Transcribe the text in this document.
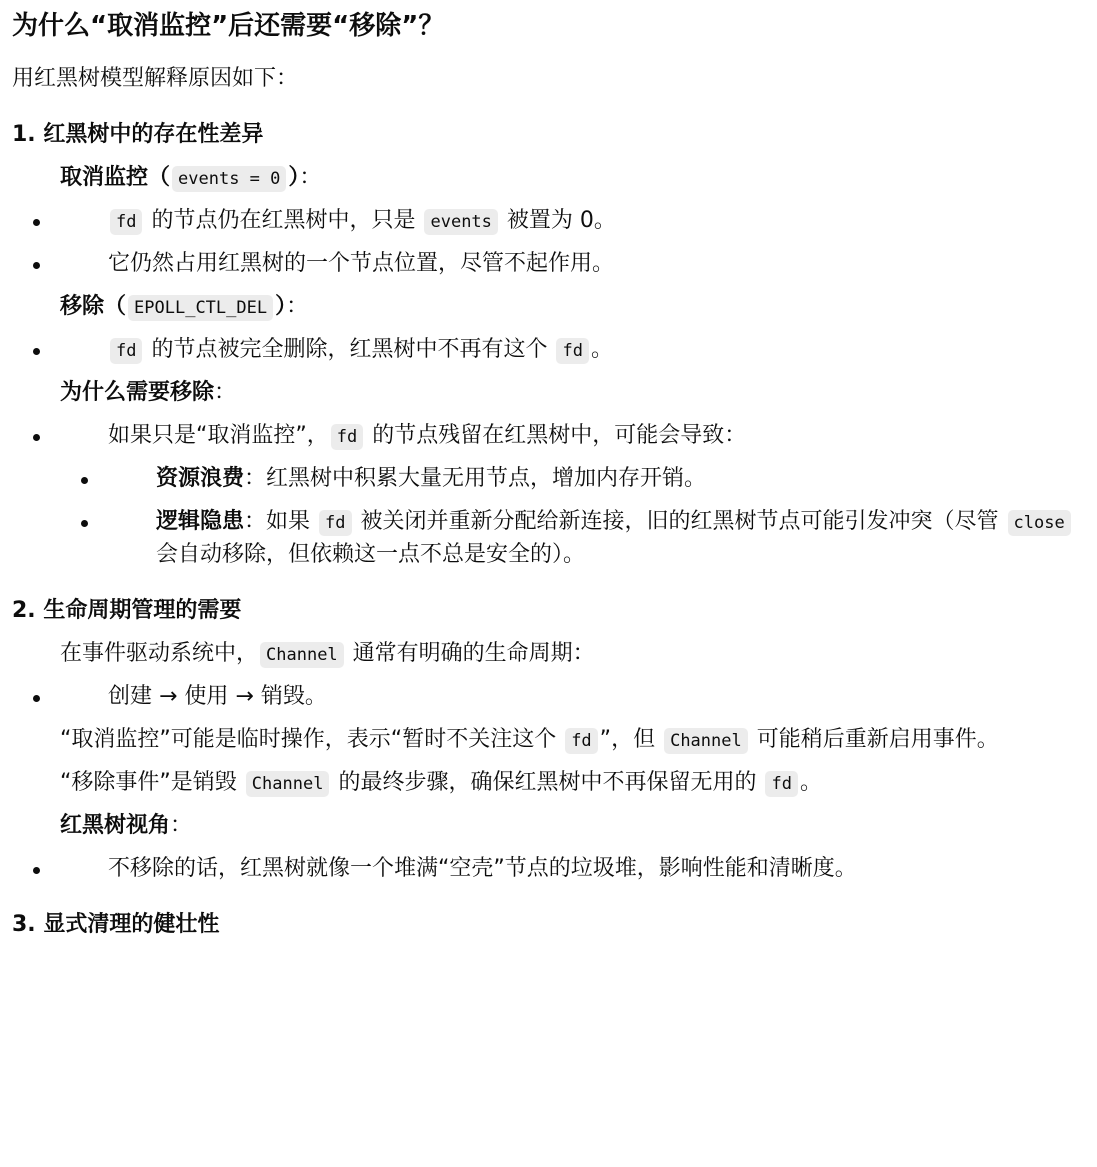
为什么“取消监控”后还需要“移除”？

用红黑树模型解释原因如下：

1. 红黑树中的存在性差异
取消监控（ events = 0 ）：
fd 的节点仍在红黑树中，只是 events 被置为 0。
它仍然占用红黑树的一个节点位置，尽管不起作用。
移除（ EPOLL_CTL_DEL ）：
fd 的节点被完全删除，红黑树中不再有这个 fd 。
为什么需要移除：
如果只是“取消监控”， fd 的节点残留在红黑树中，可能会导致：
资源浪费：红黑树中积累大量无用节点，增加内存开销。
逻辑隐患：如果 fd 被关闭并重新分配给新连接，旧的红黑树节点可能引发冲突（尽管 close 会自动移除，但依赖这一点不总是安全的）。
2. 生命周期管理的需要
在事件驱动系统中， Channel 通常有明确的生命周期：
创建 → 使用 → 销毁。
“取消监控”可能是临时操作，表示“暂时不关注这个 fd ”，但 Channel 可能稍后重新启用事件。
“移除事件”是销毁 Channel 的最终步骤，确保红黑树中不再保留无用的 fd 。
红黑树视角：
不移除的话，红黑树就像一个堆满“空壳”节点的垃圾堆，影响性能和清晰度。
3. 显式清理的健壮性
